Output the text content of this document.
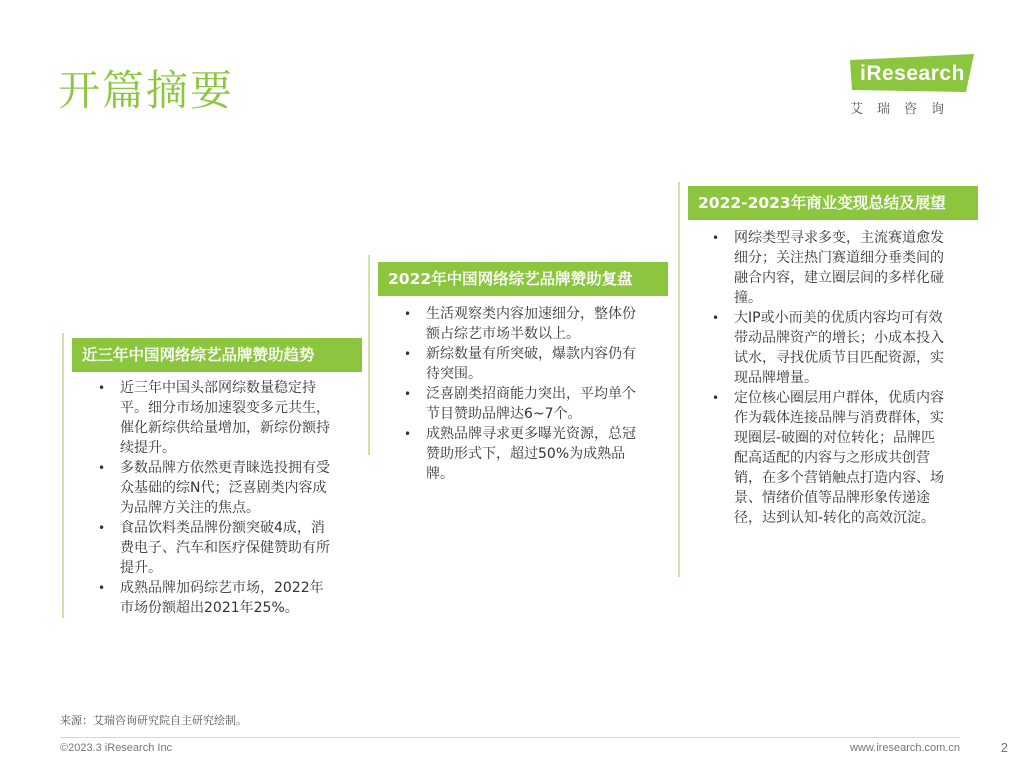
开篇摘要	iResearch
艾瑞咨询
近三年中国网络综艺品牌赞助趋势
• 近三年中国头部网综数量稳定持平。细分市场加速裂变多元共生，催化新综供给量增加，新综份额持续提升。
• 多数品牌方依然更青睐选投拥有受众基础的综N代；泛喜剧类内容成为品牌方关注的焦点。
• 食品饮料类品牌份额突破4成，消费电子、汽车和医疗保健赞助有所提升。
• 成熟品牌加码综艺市场，2022年市场份额超出2021年25%。
2022年中国网络综艺品牌赞助复盘
• 生活观察类内容加速细分，整体份额占综艺市场半数以上。
• 新综数量有所突破，爆款内容仍有待突围。
• 泛喜剧类招商能力突出，平均单个节目赞助品牌达6~7个。
• 成熟品牌寻求更多曝光资源，总冠赞助形式下，超过50%为成熟品牌。
2022-2023年商业变现总结及展望
• 网综类型寻求多变，主流赛道愈发细分；关注热门赛道细分垂类间的融合内容，建立圈层间的多样化碰撞。
• 大IP或小而美的优质内容均可有效带动品牌资产的增长；小成本投入试水，寻找优质节目匹配资源，实现品牌增量。
• 定位核心圈层用户群体，优质内容作为载体连接品牌与消费群体，实现圈层-破圈的对位转化；品牌匹配高适配的内容与之形成共创营销，在多个营销触点打造内容、场景、情绪价值等品牌形象传递途径，达到认知-转化的高效沉淀。
来源：艾瑞咨询研究院自主研究绘制。
©2023.3 iResearch Inc	www.iresearch.com.cn	2
